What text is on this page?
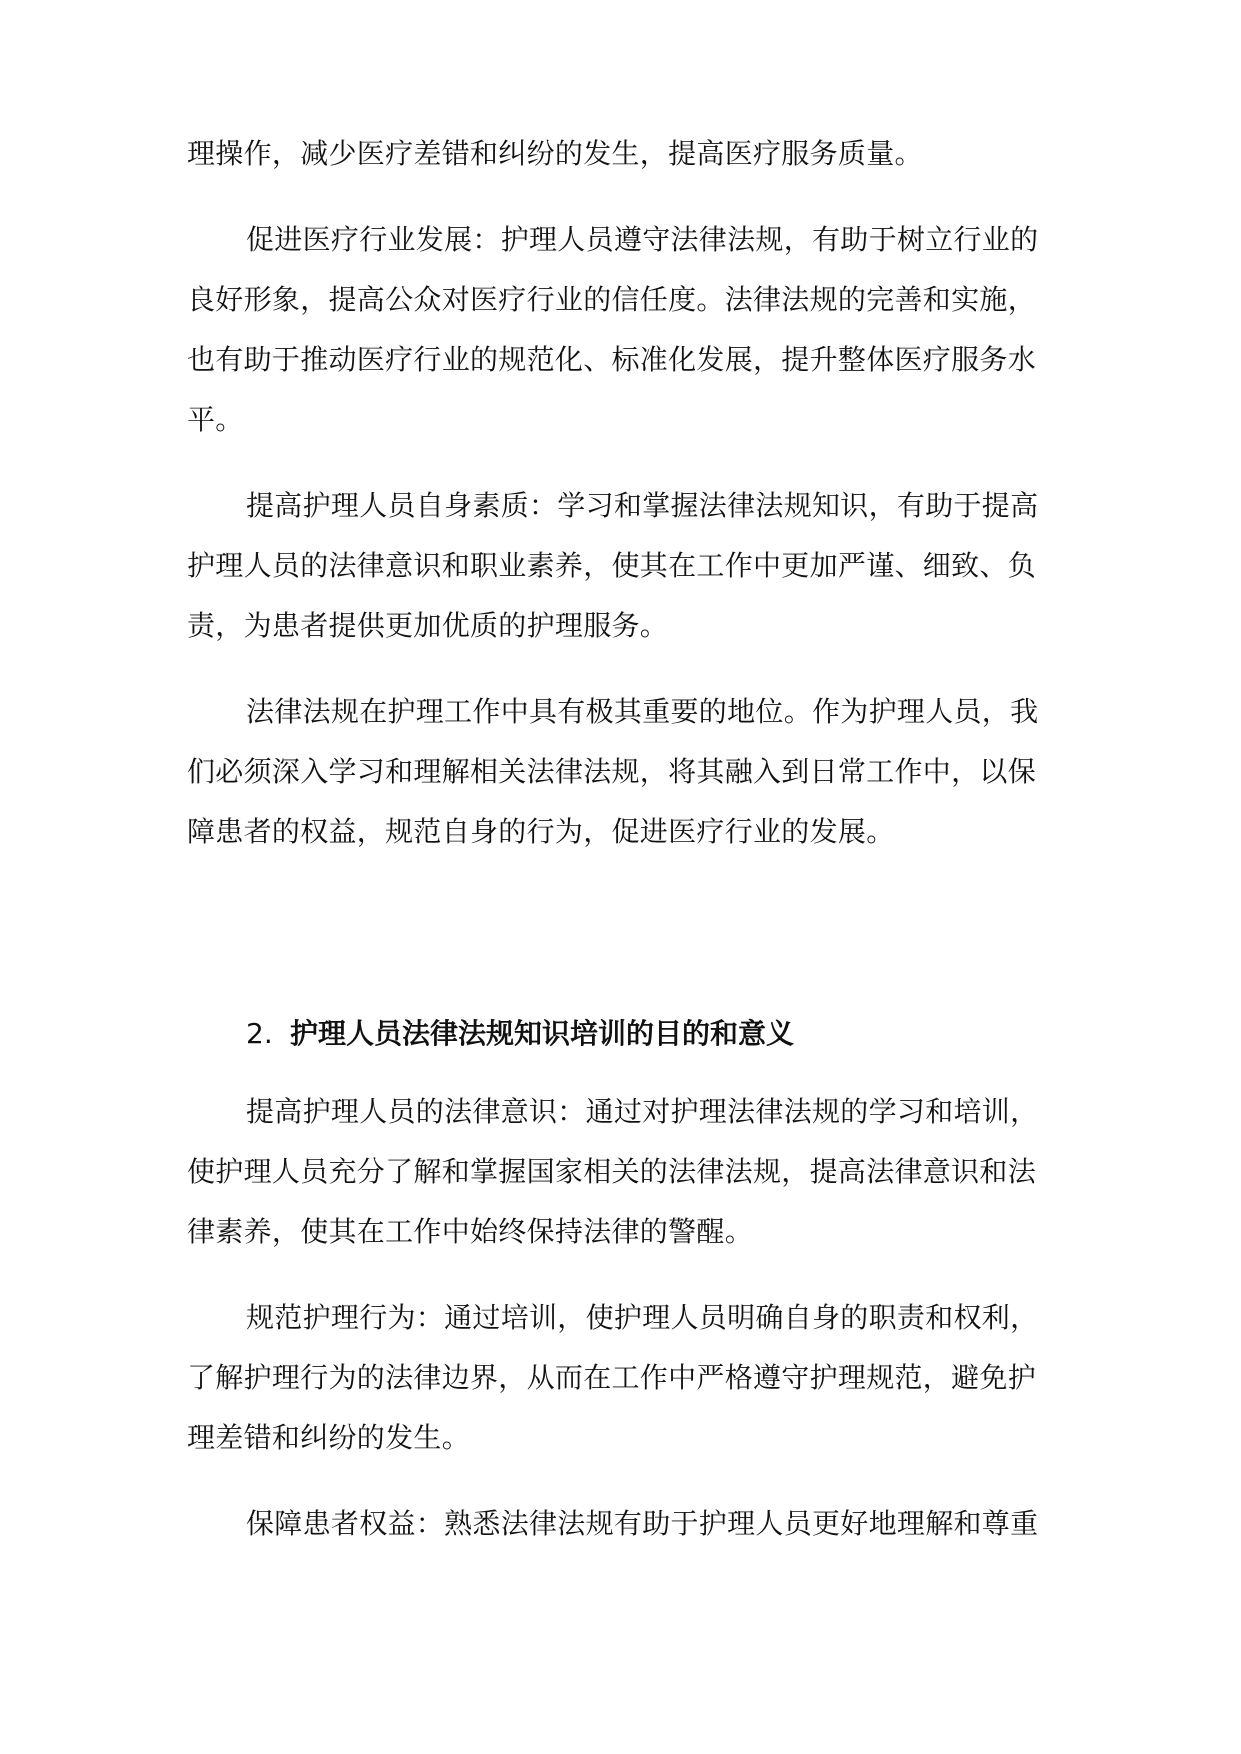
理操作，减少医疗差错和纠纷的发生，提高医疗服务质量。
促进医疗行业发展：护理人员遵守法律法规，有助于树立行业的
良好形象，提高公众对医疗行业的信任度。法律法规的完善和实施，
也有助于推动医疗行业的规范化、标准化发展，提升整体医疗服务水
平。
提高护理人员自身素质：学习和掌握法律法规知识，有助于提高
护理人员的法律意识和职业素养，使其在工作中更加严谨、细致、负
责，为患者提供更加优质的护理服务。
法律法规在护理工作中具有极其重要的地位。作为护理人员，我
们必须深入学习和理解相关法律法规，将其融入到日常工作中，以保
障患者的权益，规范自身的行为，促进医疗行业的发展。
2. 护理人员法律法规知识培训的目的和意义
提高护理人员的法律意识：通过对护理法律法规的学习和培训，
使护理人员充分了解和掌握国家相关的法律法规，提高法律意识和法
律素养，使其在工作中始终保持法律的警醒。
规范护理行为：通过培训，使护理人员明确自身的职责和权利，
了解护理行为的法律边界，从而在工作中严格遵守护理规范，避免护
理差错和纠纷的发生。
保障患者权益：熟悉法律法规有助于护理人员更好地理解和尊重
